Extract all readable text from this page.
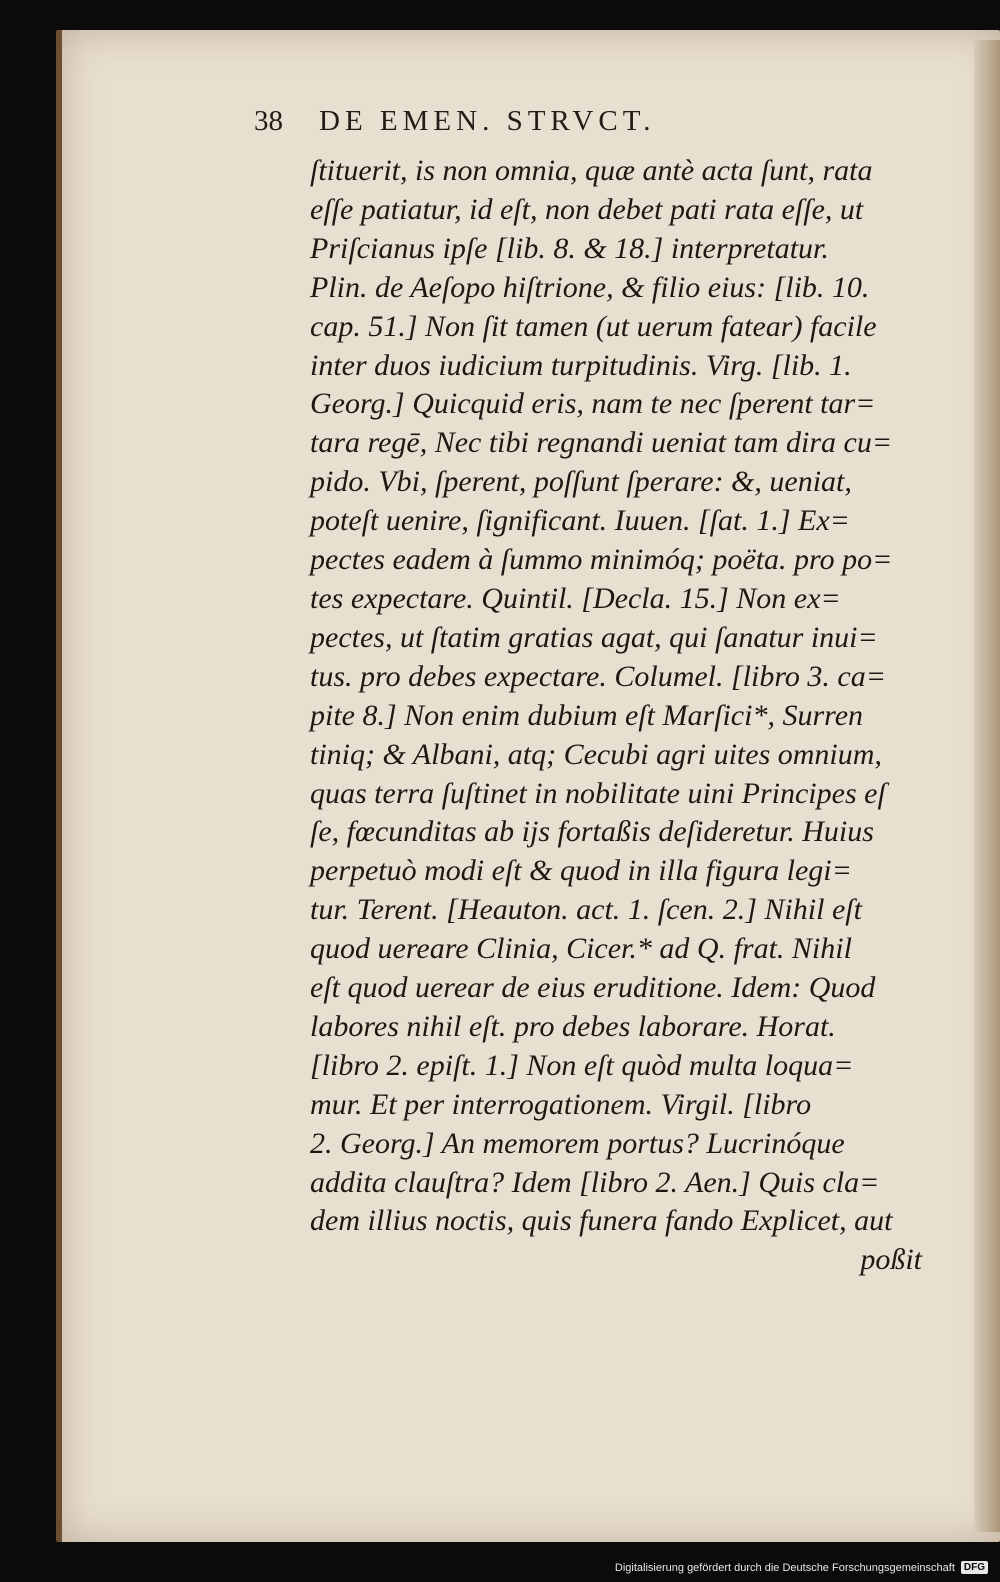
38 DE EMEN. STRVCT.
ſtituerit, is non omnia, quæ antè acta ſunt, rata
eſſe patiatur, id eſt, non debet pati rata eſſe, ut
Priſcianus ipſe [lib. 8. & 18.] interpretatur.
Plin. de Aeſopo hiſtrione, & filio eius: [lib. 10.
cap. 51.] Non ſit tamen (ut uerum fatear) facile
inter duos iudicium turpitudinis. Virg. [lib. 1.
Georg.] Quicquid eris, nam te nec ſperent tar=
tara regē, Nec tibi regnandi ueniat tam dira cu=
pido. Vbi, ſperent, poſſunt ſperare: &, ueniat,
poteſt uenire, ſignificant. Iuuen. [ſat. 1.] Ex=
pectes eadem à ſummo minimóq; poëta. pro po=
tes expectare. Quintil. [Decla. 15.] Non ex=
pectes, ut ſtatim gratias agat, qui ſanatur inui=
tus. pro debes expectare. Columel. [libro 3. ca=
pite 8.] Non enim dubium eſt Marſici*, Surren
tiniq; & Albani, atq; Cecubi agri uites omnium,
quas terra ſuſtinet in nobilitate uini Principes eſ
ſe, fœcunditas ab ijs fortaßis deſideretur. Huius
perpetuò modi eſt & quod in illa figura legi=
tur. Terent. [Heauton. act. 1. ſcen. 2.] Nihil eſt
quod uereare Clinia, Cicer.* ad Q. frat. Nihil
eſt quod uerear de eius eruditione. Idem: Quod
labores nihil eſt. pro debes laborare. Horat.
[libro 2. epiſt. 1.] Non eſt quòd multa loqua=
mur. Et per interrogationem. Virgil. [libro
2. Georg.] An memorem portus? Lucrinóque
addita clauſtra? Idem [libro 2. Aen.] Quis cla=
dem illius noctis, quis funera fando Explicet, aut
poßit
Digitalisierung gefördert durch die Deutsche Forschungsgemeinschaft DFG
